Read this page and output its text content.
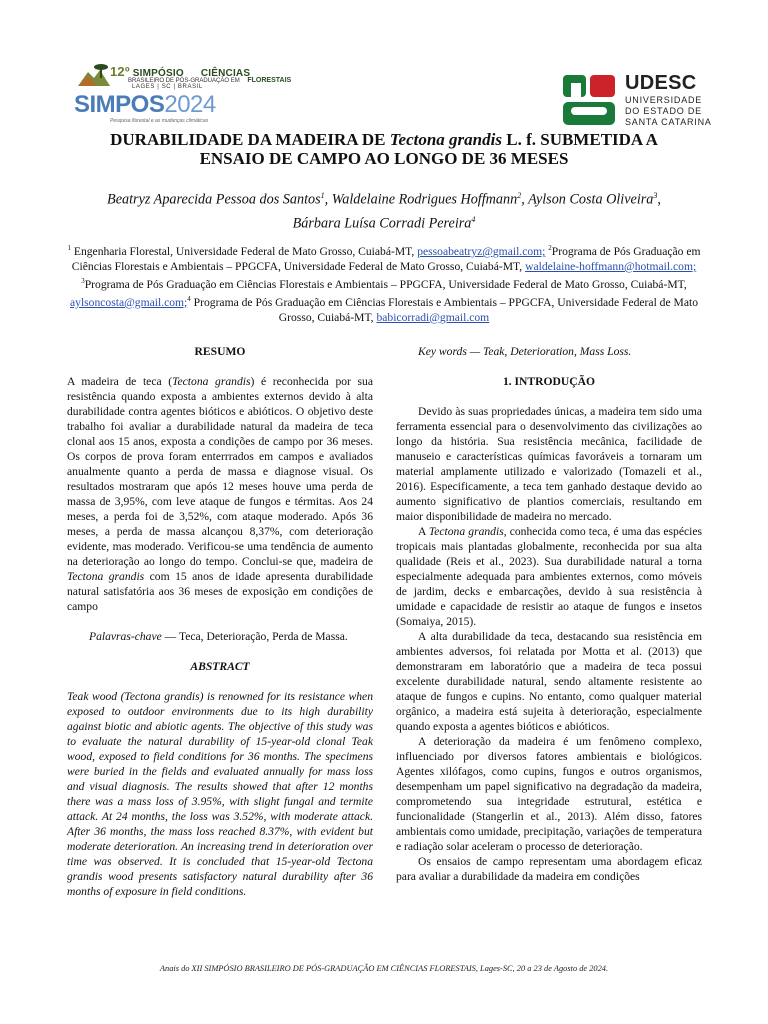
12º SIMPÓSIO CIÊNCIAS
BRASILEIRO DE PÓS-GRADUAÇÃO EM FLORESTAIS
LAGES | SC | BRASIL
SIMPOS2024
Pesquisa florestal e as mudanças climáticas
UDESC
UNIVERSIDADE
DO ESTADO DE
SANTA CATARINA
DURABILIDADE DA MADEIRA DE Tectona grandis L. f. SUBMETIDA A
ENSAIO DE CAMPO AO LONGO DE 36 MESES
Beatryz Aparecida Pessoa dos Santos$^1$, Waldelaine Rodrigues Hoffmann$^2$, Aylson Costa Oliveira$^3$,
Bárbara Luísa Corradi Pereira$^4$
$^1$ Engenharia Florestal, Universidade Federal de Mato Grosso, Cuiabá-MT, pessoabeatryz@gmail.com; $^2$Programa de Pós Graduação em Ciências Florestais e Ambientais – PPGCFA, Universidade Federal de Mato Grosso, Cuiabá-MT, waldelaine-hoffmann@hotmail.com; $^3$Programa de Pós Graduação em Ciências Florestais e Ambientais – PPGCFA, Universidade Federal de Mato Grosso, Cuiabá-MT, aylsoncosta@gmail.com;$^4$ Programa de Pós Graduação em Ciências Florestais e Ambientais – PPGCFA, Universidade Federal de Mato Grosso, Cuiabá-MT, babicorradi@gmail.com

RESUMO

A madeira de teca (Tectona grandis) é reconhecida por sua resistência quando exposta a ambientes externos devido à alta durabilidade contra agentes bióticos e abióticos. O objetivo deste trabalho foi avaliar a durabilidade natural da madeira de teca clonal aos 15 anos, exposta a condições de campo por 36 meses. Os corpos de prova foram enterrrados em campos e avaliados anualmente quanto a perda de massa e diagnose visual. Os resultados mostraram que após 12 meses houve uma perda de massa de 3,95%, com leve ataque de fungos e térmitas. Aos 24 meses, a perda foi de 3,52%, com ataque moderado. Após 36 meses, a perda de massa alcançou 8,37%, com deterioração evidente, mas moderado. Verificou-se uma tendência de aumento na deterioração ao longo do tempo. Conclui-se que, madeira de Tectona grandis com 15 anos de idade apresenta durabilidade natural satisfatória aos 36 meses de exposição em condições de campo

Palavras-chave — Teca, Deterioração, Perda de Massa.

ABSTRACT

Teak wood (Tectona grandis) is renowned for its resistance when exposed to outdoor environments due to its high durability against biotic and abiotic agents. The objective of this study was to evaluate the natural durability of 15-year-old clonal Teak wood, exposed to field conditions for 36 months. The specimens were buried in the fields and evaluated annually for mass loss and visual diagnosis. The results showed that after 12 months there was a mass loss of 3.95%, with slight fungal and termite attack. At 24 months, the loss was 3.52%, with moderate attack. After 36 months, the mass loss reached 8.37%, with evident but moderate deterioration. An increasing trend in deterioration over time was observed. It is concluded that 15-year-old Tectona grandis wood presents satisfactory natural durability after 36 months of exposure in field conditions.

Key words — Teak, Deterioration, Mass Loss.

1. INTRODUÇÃO

Devido às suas propriedades únicas, a madeira tem sido uma ferramenta essencial para o desenvolvimento das civilizações ao longo da história. Sua resistência mecânica, facilidade de manuseio e características químicas favoráveis a tornaram um material amplamente utilizado e valorizado (Tomazeli et al., 2016). Especificamente, a teca tem ganhado destaque devido ao aumento significativo de plantios comerciais, resultando em maior disponibilidade de madeira no mercado.

A Tectona grandis, conhecida como teca, é uma das espécies tropicais mais plantadas globalmente, reconhecida por sua alta qualidade (Reis et al., 2023). Sua durabilidade natural a torna especialmente adequada para ambientes externos, como móveis de jardim, decks e embarcações, devido à sua resistência à umidade e capacidade de resistir ao ataque de fungos e insetos (Somaiya, 2015).

A alta durabilidade da teca, destacando sua resistência em ambientes adversos, foi relatada por Motta et al. (2013) que demonstraram em laboratório que a madeira de teca possui excelente durabilidade natural, sendo altamente resistente ao ataque de fungos e cupins. No entanto, como qualquer material orgânico, a madeira está sujeita à deterioração, especialmente quando exposta a agentes bióticos e abióticos.

A deterioração da madeira é um fenômeno complexo, influenciado por diversos fatores ambientais e biológicos. Agentes xilófagos, como cupins, fungos e outros organismos, desempenham um papel significativo na degradação da madeira, comprometendo sua integridade estrutural, estética e funcionalidade (Stangerlin et al., 2013). Além disso, fatores ambientais como umidade, precipitação, variações de temperatura e radiação solar aceleram o processo de deterioração.

Os ensaios de campo representam uma abordagem eficaz para avaliar a durabilidade da madeira em condições

Anais do XII SIMPÓSIO BRASILEIRO DE PÓS-GRADUAÇÃO EM CIÊNCIAS FLORESTAIS, Lages-SC, 20 a 23 de Agosto de 2024.
